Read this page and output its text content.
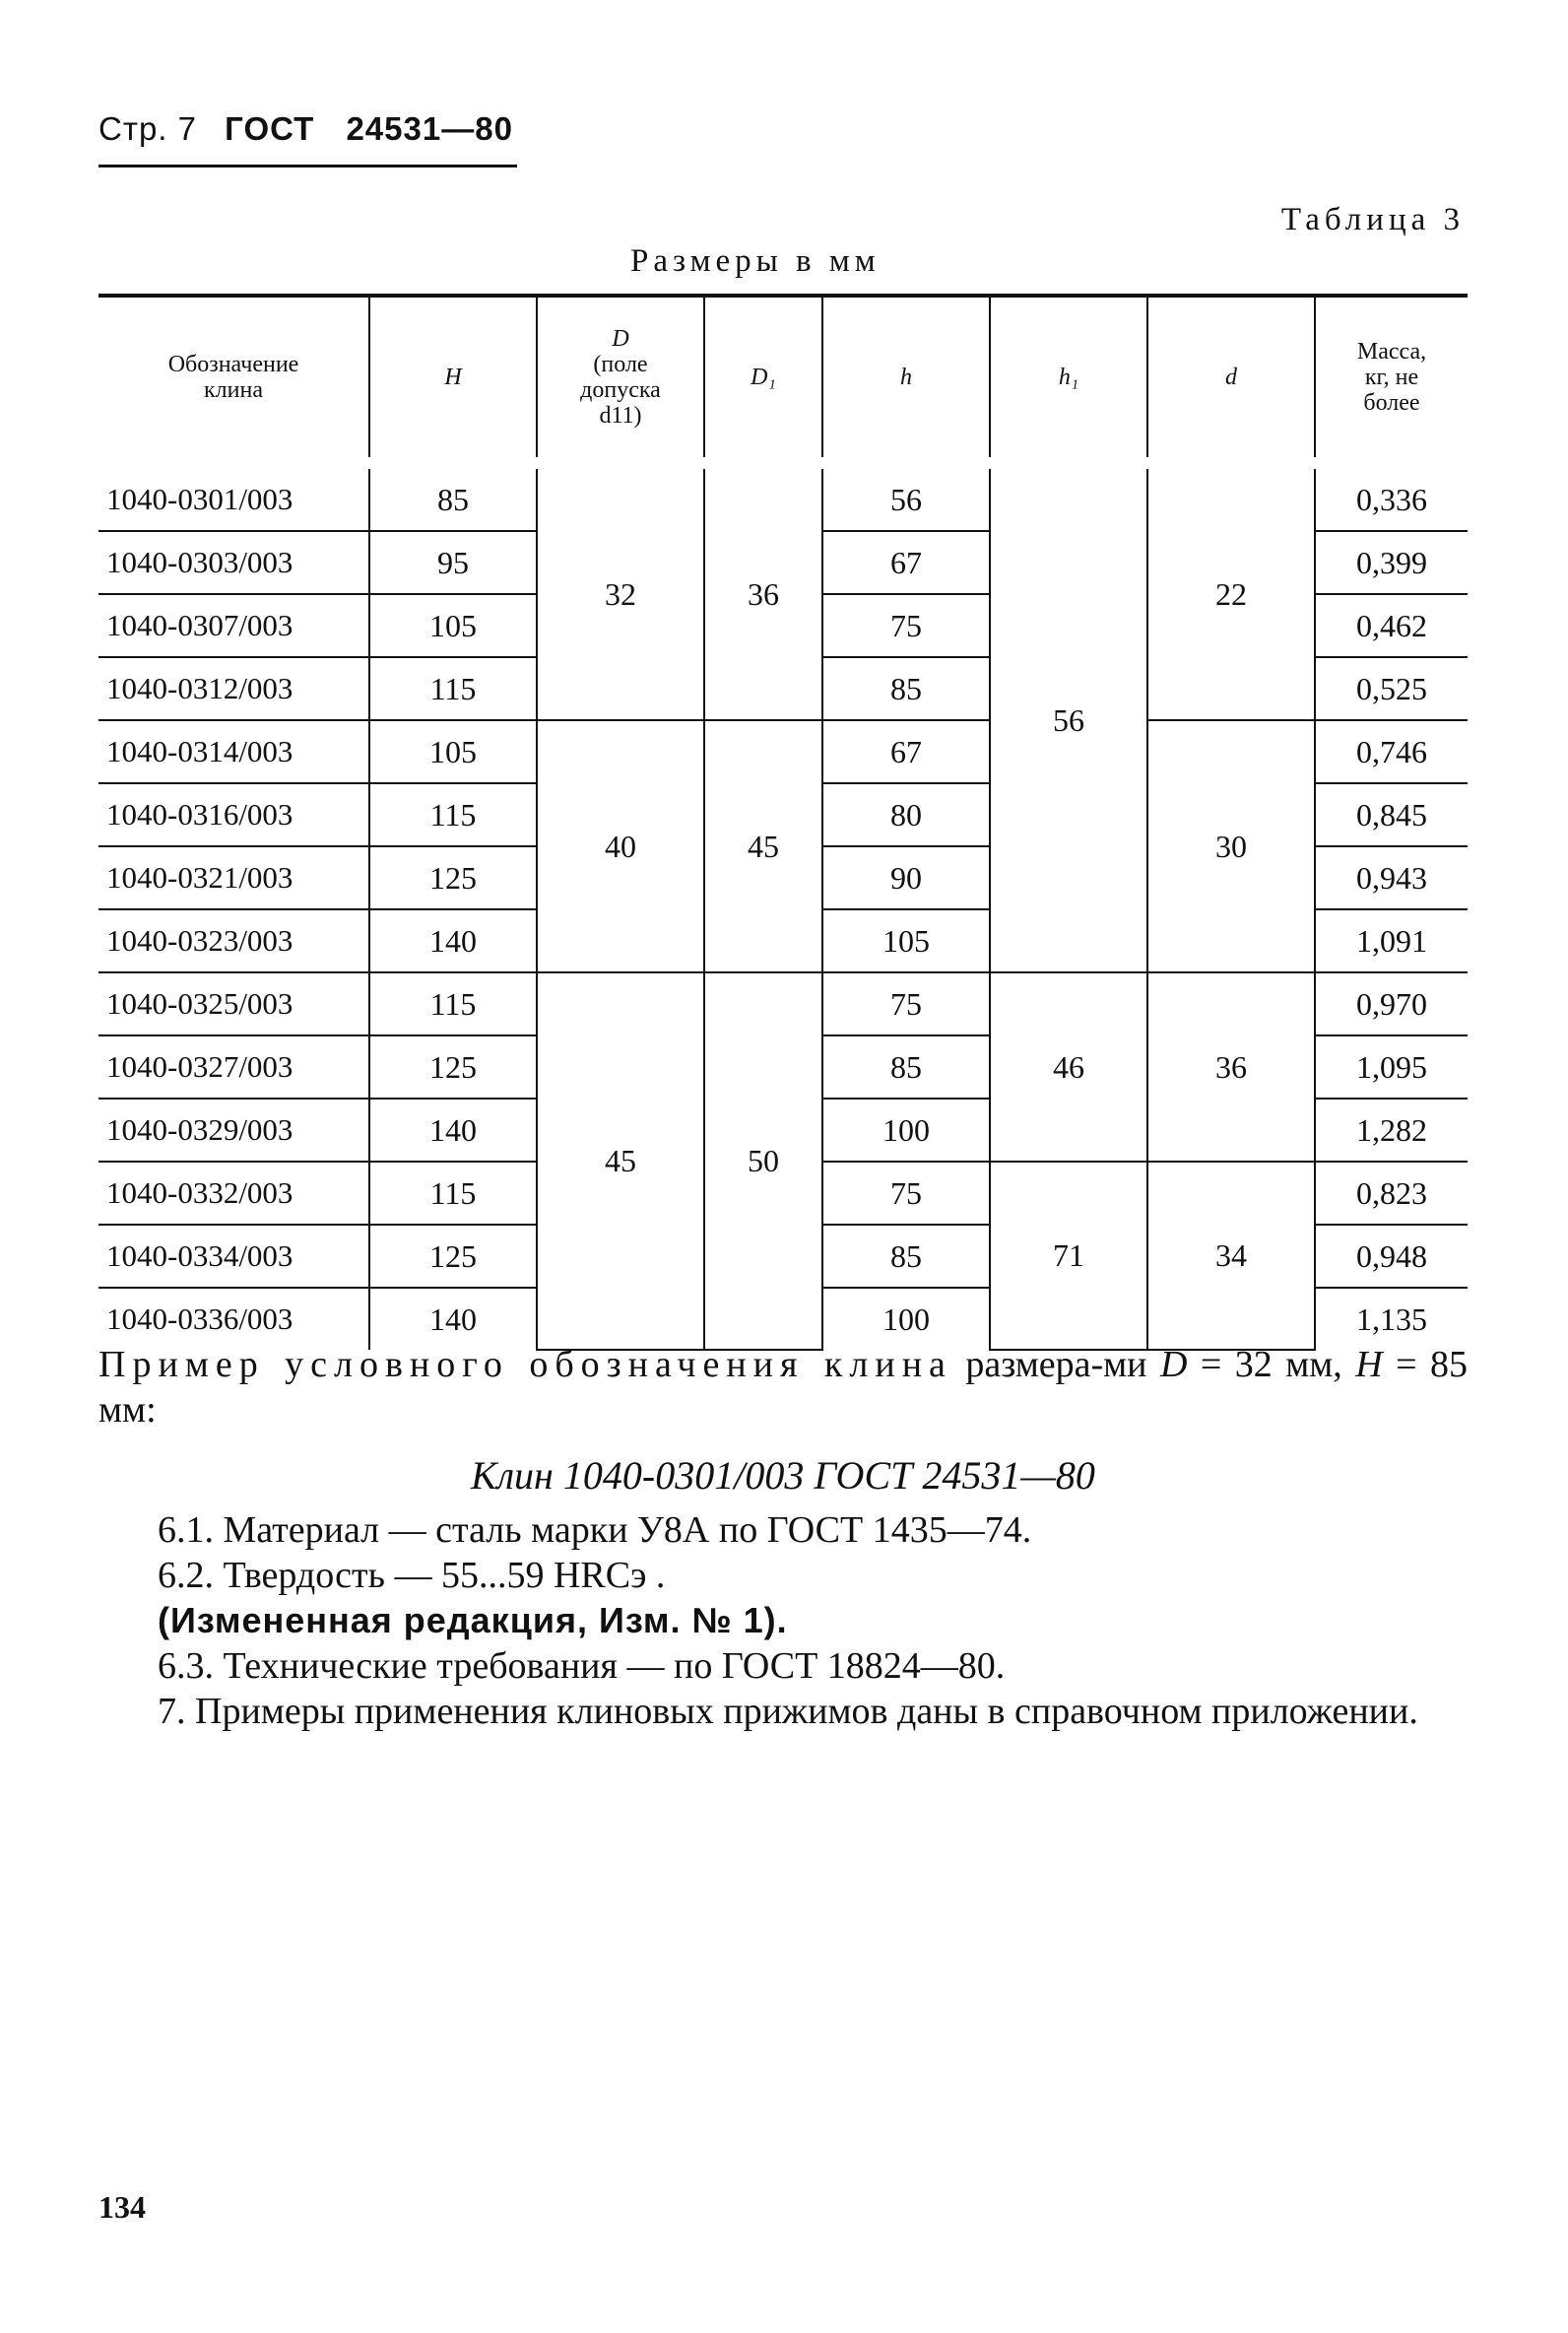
Стр. 7 ГОСТ 24531—80
Таблица 3
Размеры в мм
Обозначение
клина	H	D
(поле
допуска
d11)	D₁	h	h₁	d	Масса,
кг, не
более
1040-0301/003	85	32	36	56	56	22	0,336
1040-0303/003	95			67			0,399
1040-0307/003	105			75			0,462
1040-0312/003	115			85			0,525
1040-0314/003	105	40	45	67		30	0,746
1040-0316/003	115			80			0,845
1040-0321/003	125			90			0,943
1040-0323/003	140			105			1,091
1040-0325/003	115	45	50	75	46	36	0,970
1040-0327/003	125			85			1,095
1040-0329/003	140			100			1,282
1040-0332/003	115			75	71	34	0,823
1040-0334/003	125			85			0,948
1040-0336/003	140			100			1,135
Пример условного обозначения клина размера-ми D = 32 мм, H = 85 мм:
Клин 1040-0301/003 ГОСТ 24531—80
6.1. Материал — сталь марки У8А по ГОСТ 1435—74.
6.2. Твердость — 55...59 HRCэ .
(Измененная редакция, Изм. № 1).
6.3. Технические требования — по ГОСТ 18824—80.
7. Примеры применения клиновых прижимов даны в справочном приложении.
134
